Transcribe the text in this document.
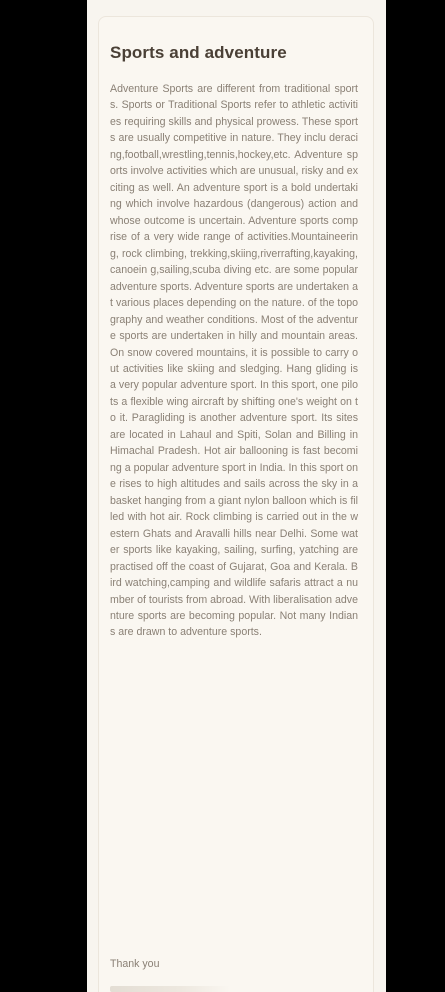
Sports and adventure

Adventure Sports are different from traditional sports. Sports or Traditional Sports refer to athletic activities requiring skills and physical prowess. These sports are usually competitive in nature. They inclu deracing,football,wrestling,tennis,hockey,etc. Adventure sports involve activities which are unusual, risky and exciting as well. An adventure sport is a bold undertaking which involve hazardous (dangerous) action and whose outcome is uncertain. Adventure sports comprise of a very wide range of activities.Mountaineering, rock climbing, trekking,skiing,riverrafting,kayaking,canoein g,sailing,scuba diving etc. are some popular adventure sports. Adventure sports are undertaken at various places depending on the nature. of the topography and weather conditions. Most of the adventure sports are undertaken in hilly and mountain areas. On snow covered mountains, it is possible to carry out activities like skiing and sledging. Hang gliding is a very popular adventure sport. In this sport, one pilots a flexible wing aircraft by shifting one's weight on to it. Paragliding is another adventure sport. Its sites are located in Lahaul and Spiti, Solan and Billing in Himachal Pradesh. Hot air ballooning is fast becoming a popular adventure sport in India. In this sport one rises to high altitudes and sails across the sky in a basket hanging from a giant nylon balloon which is filled with hot air. Rock climbing is carried out in the western Ghats and Aravalli hills near Delhi. Some water sports like kayaking, sailing, surfing, yatching are practised off the coast of Gujarat, Goa and Kerala. Bird watching,camping and wildlife safaris attract a number of tourists from abroad. With liberalisation adventure sports are becoming popular. Not many Indians are drawn to adventure sports.

Thank you
